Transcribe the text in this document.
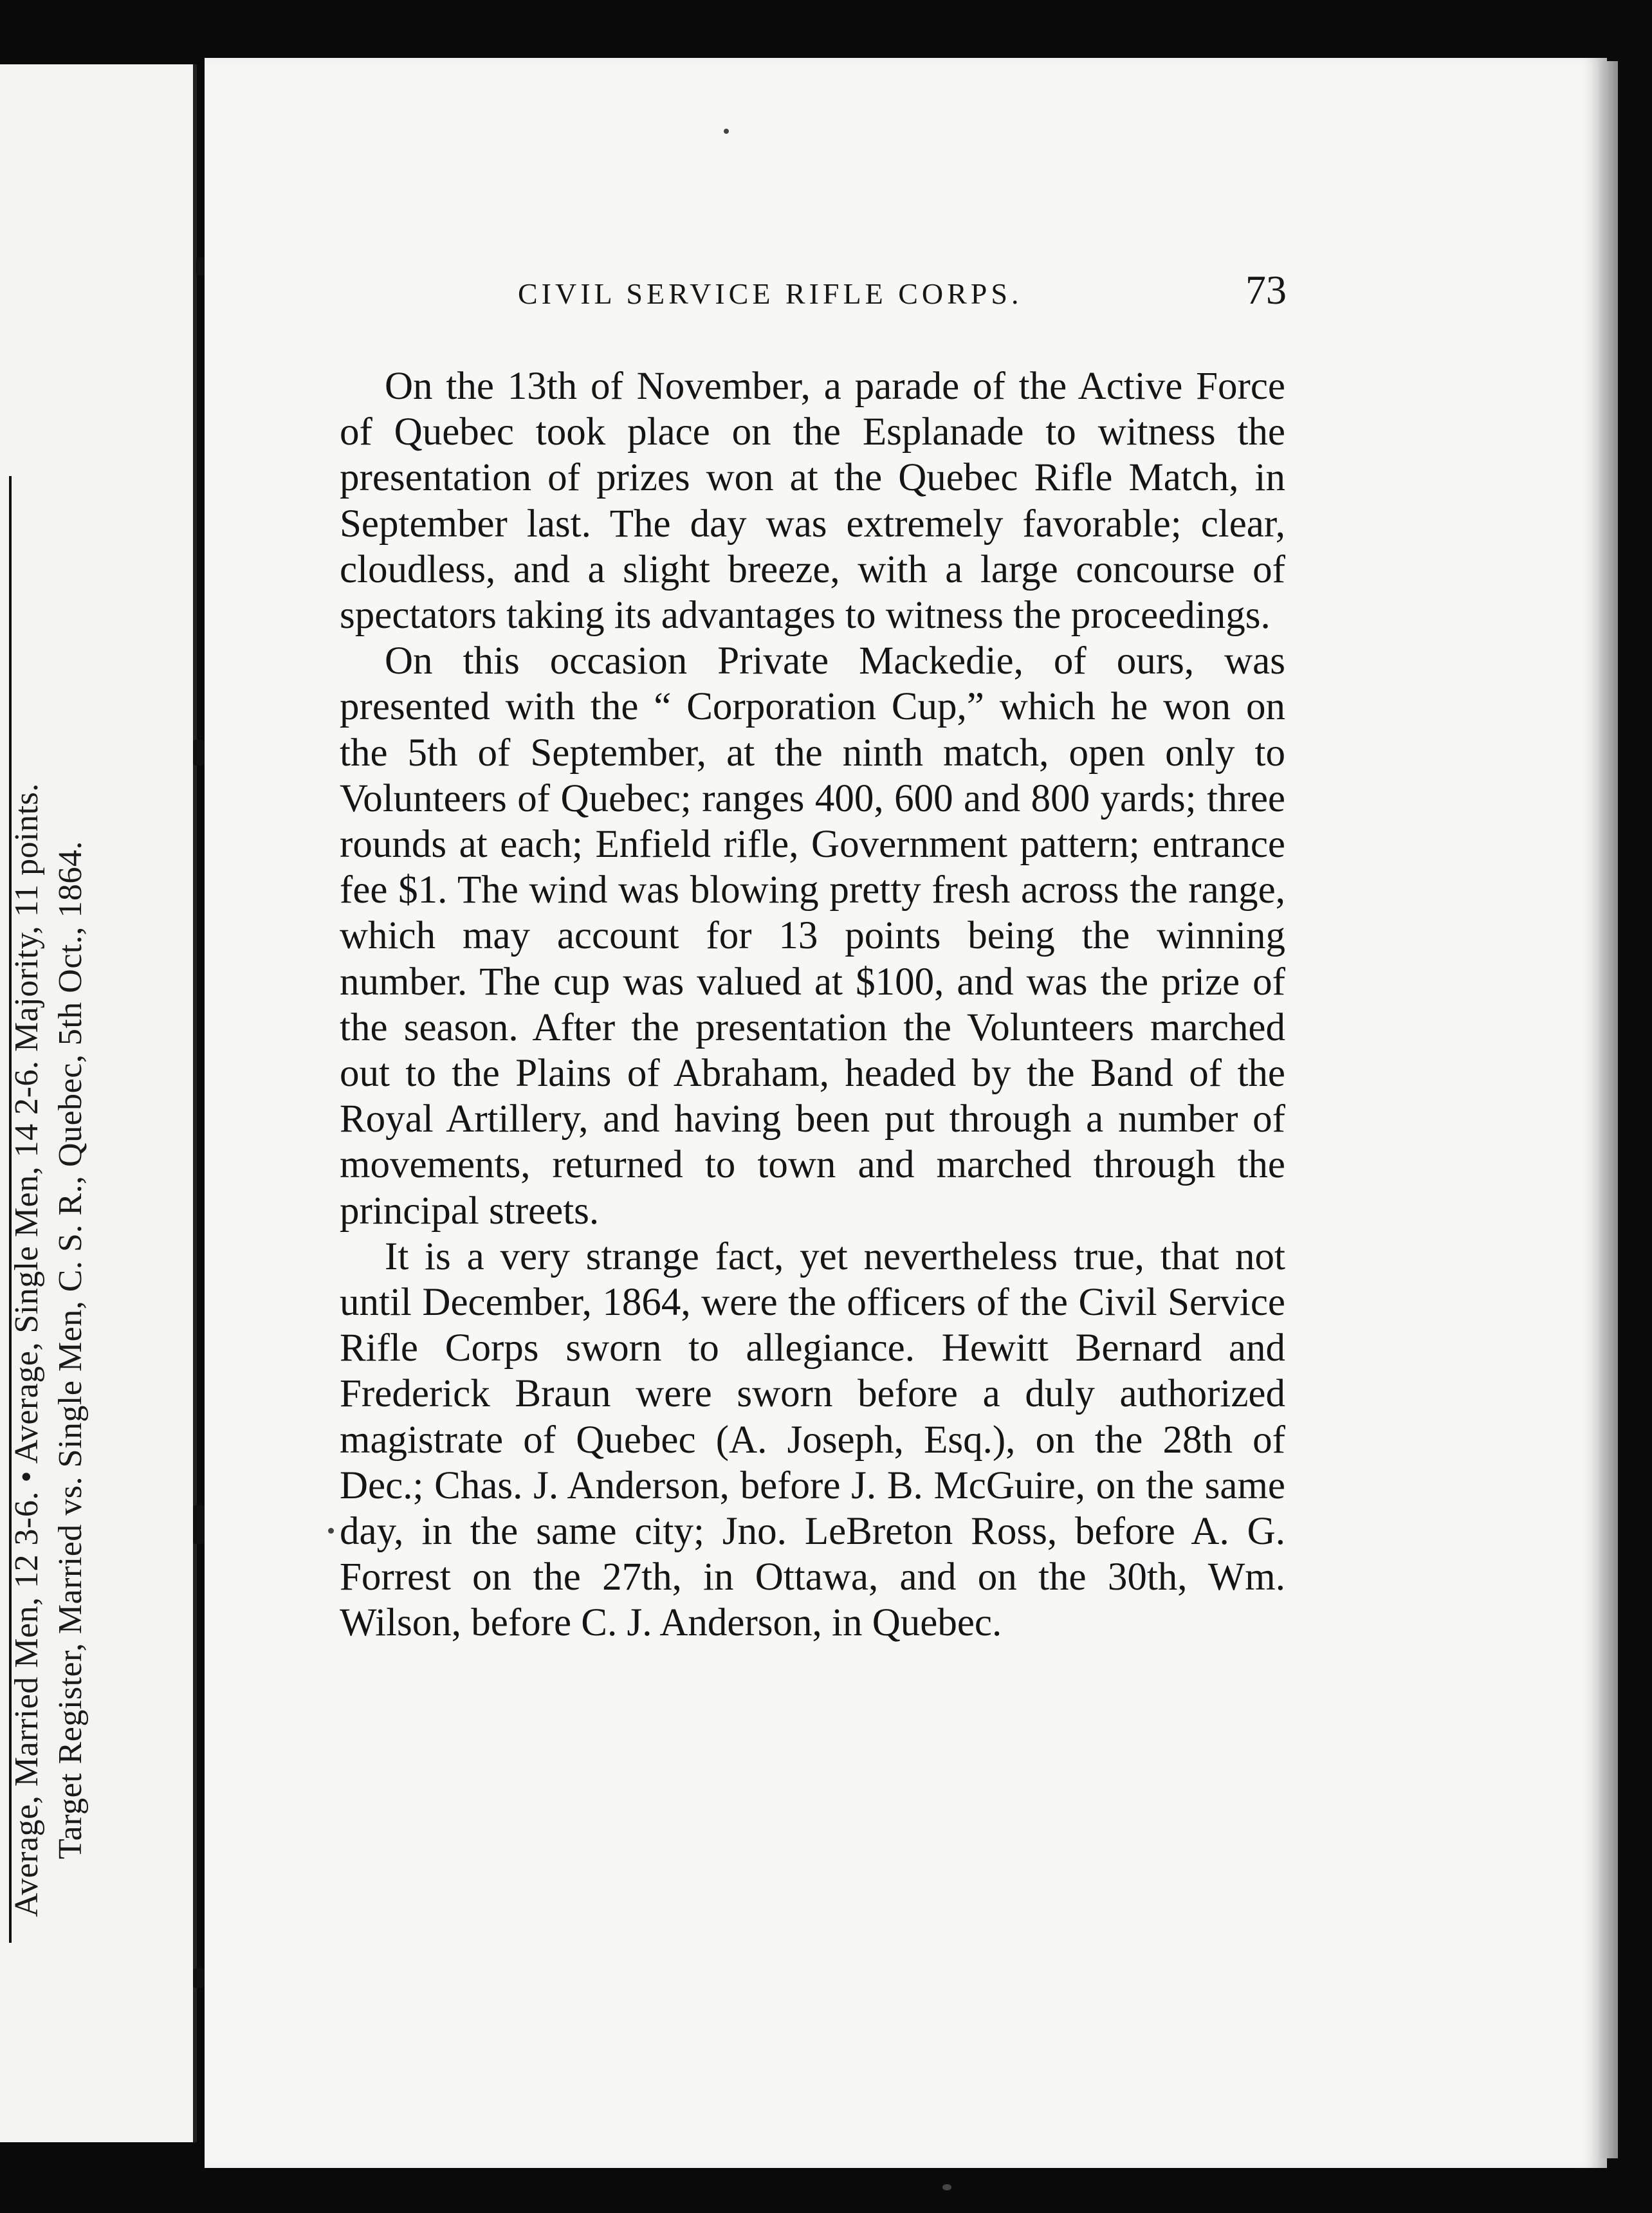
Average, Married Men, 12 3-6. • Average, Single Men, 14 2-6. Majority, 11 points. Target Register, Married vs. Single Men, C. S. R., Quebec, 5th Oct., 1864.
CIVIL SERVICE RIFLE CORPS.	73

On the 13th of November, a parade of the Active Force of Quebec took place on the Esplanade to witness the presentation of prizes won at the Quebec Rifle Match, in September last. The day was extremely favorable; clear, cloudless, and a slight breeze, with a large concourse of spectators taking its advantages to witness the proceedings.

On this occasion Private Mackedie, of ours, was presented with the “ Corporation Cup,” which he won on the 5th of September, at the ninth match, open only to Volunteers of Quebec; ranges 400, 600 and 800 yards; three rounds at each; Enfield rifle, Government pattern; entrance fee $1. The wind was blowing pretty fresh across the range, which may account for 13 points being the winning number. The cup was valued at $100, and was the prize of the season. After the presentation the Volunteers marched out to the Plains of Abraham, headed by the Band of the Royal Artillery, and having been put through a number of movements, returned to town and marched through the principal streets.

It is a very strange fact, yet nevertheless true, that not until December, 1864, were the officers of the Civil Service Rifle Corps sworn to allegiance. Hewitt Bernard and Frederick Braun were sworn before a duly authorized magistrate of Quebec (A. Joseph, Esq.), on the 28th of Dec.; Chas. J. Anderson, before J. B. McGuire, on the same day, in the same city; Jno. LeBreton Ross, before A. G. Forrest on the 27th, in Ottawa, and on the 30th, Wm. Wilson, before C. J. Anderson, in Quebec.
